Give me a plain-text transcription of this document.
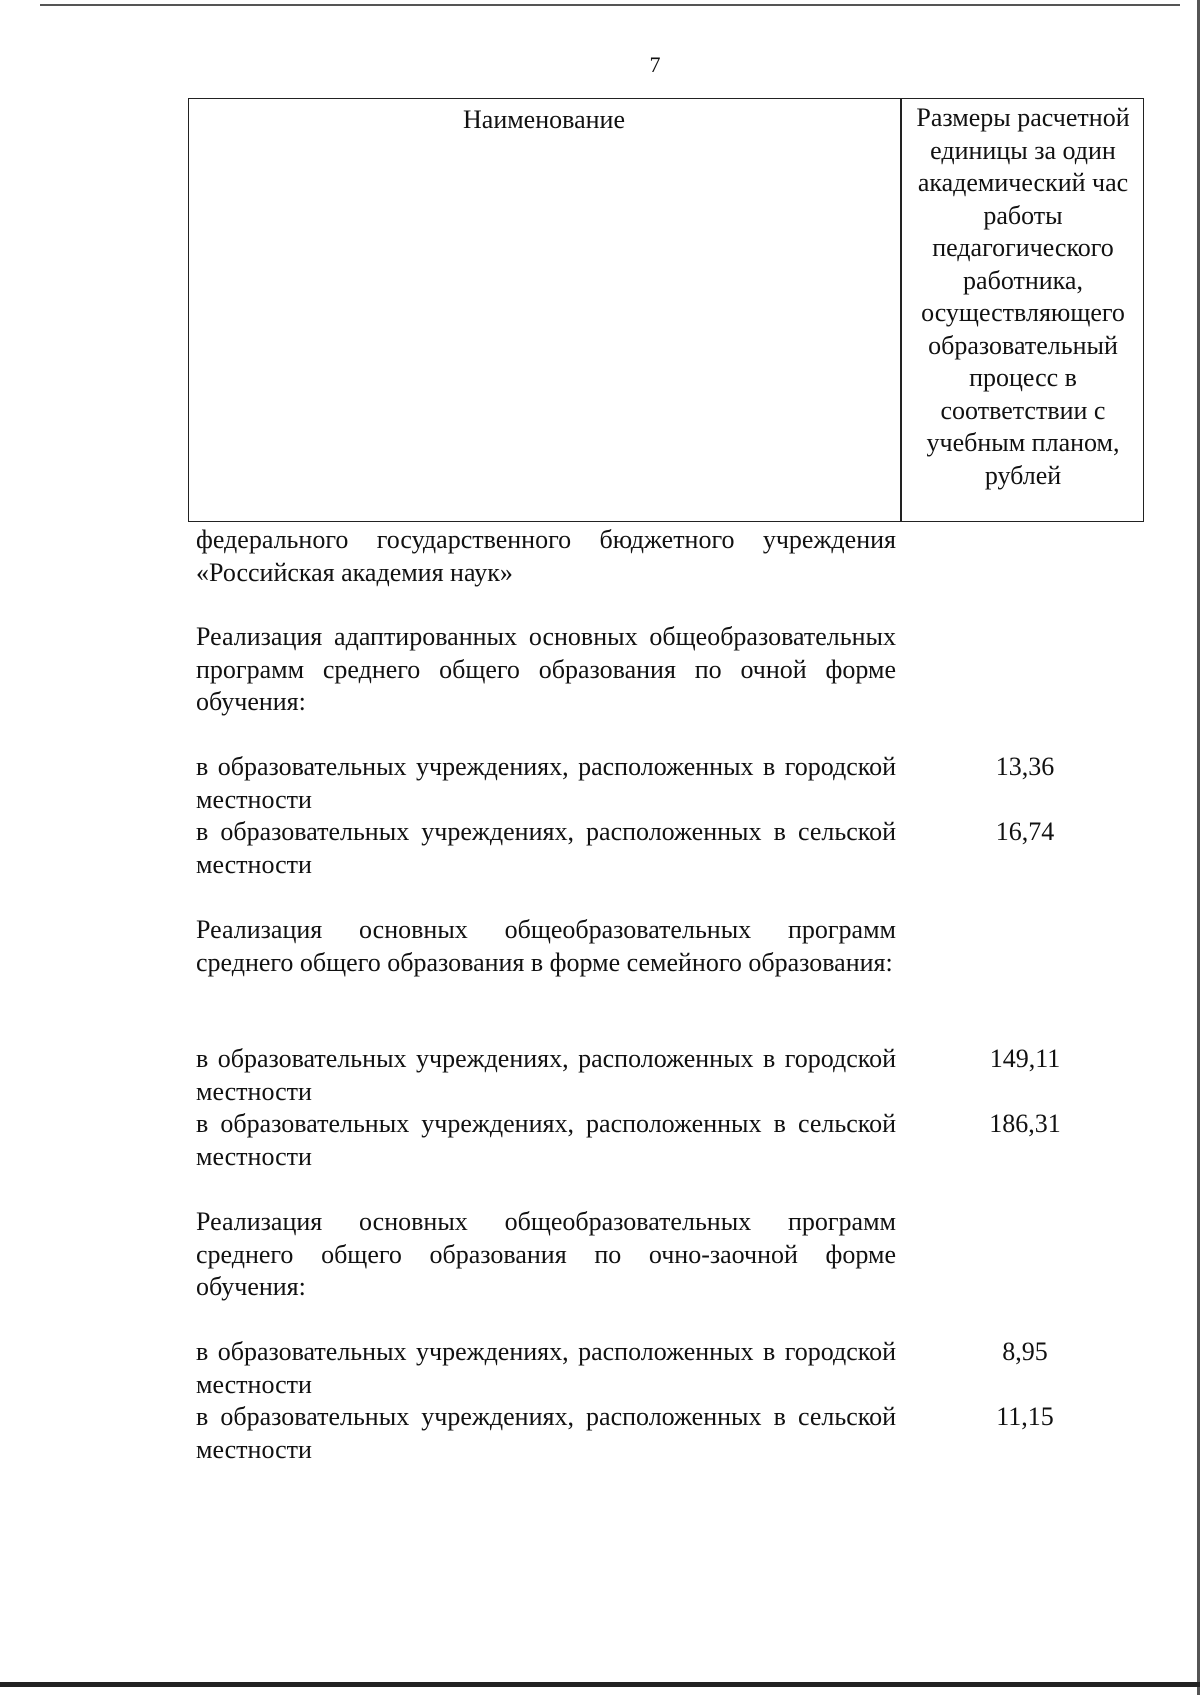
7
Наименование	Размеры расчетной единицы за один академический час работы педагогического работника, осуществляющего образовательный процесс в соответствии с учебным планом, рублей
федерального государственного бюджетного учреждения «Российская академия наук»
Реализация адаптированных основных общеобразовательных программ среднего общего образования по очной форме обучения:
в образовательных учреждениях, расположенных в городской местности
13,36
в образовательных учреждениях, расположенных в сельской местности
16,74
Реализация основных общеобразовательных программ среднего общего образования в форме семейного образования:
в образовательных учреждениях, расположенных в городской местности
149,11
в образовательных учреждениях, расположенных в сельской местности
186,31
Реализация основных общеобразовательных программ среднего общего образования по очно-заочной форме обучения:
в образовательных учреждениях, расположенных в городской местности
8,95
в образовательных учреждениях, расположенных в сельской местности
11,15
